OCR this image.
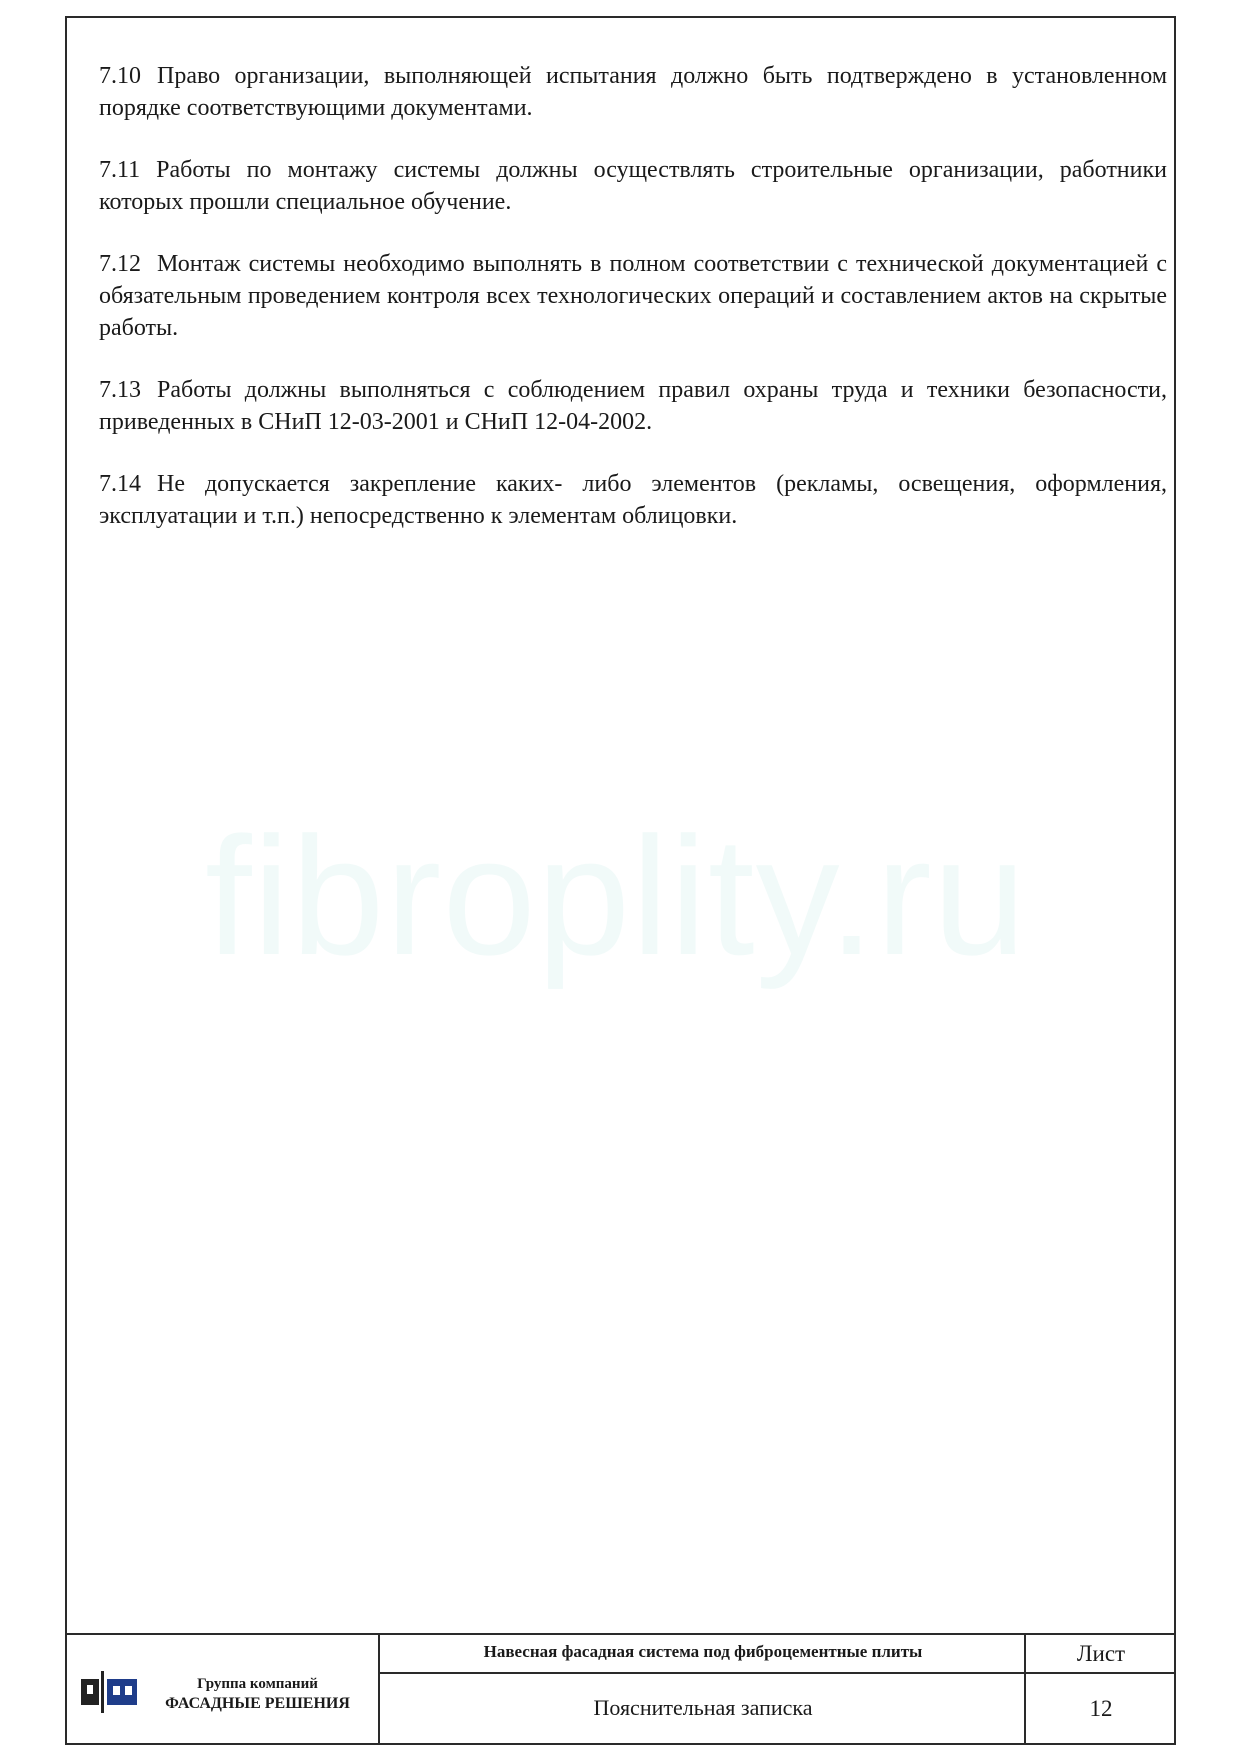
fibroplity.ru

7.10 Право организации, выполняющей испытания должно быть подтверждено в установленном порядке соответствующими документами.

7.11 Работы по монтажу системы должны осуществлять строительные организации, работники которых прошли специальное обучение.

7.12 Монтаж системы необходимо выполнять в полном соответствии с технической документацией с обязательным проведением контроля всех технологических операций и составлением актов на скрытые работы.

7.13 Работы должны выполняться с соблюдением правил охраны труда и техники безопасности, приведенных в СНиП 12-03-2001 и СНиП 12-04-2002.

7.14 Не допускается закрепление каких- либо элементов (рекламы, освещения, оформления, эксплуатации и т.п.) непосредственно к элементам облицовки.

Группа компаний
ФАСАДНЫЕ РЕШЕНИЯ
Навесная фасадная система под фиброцементные плиты
Пояснительная записка
Лист
12
